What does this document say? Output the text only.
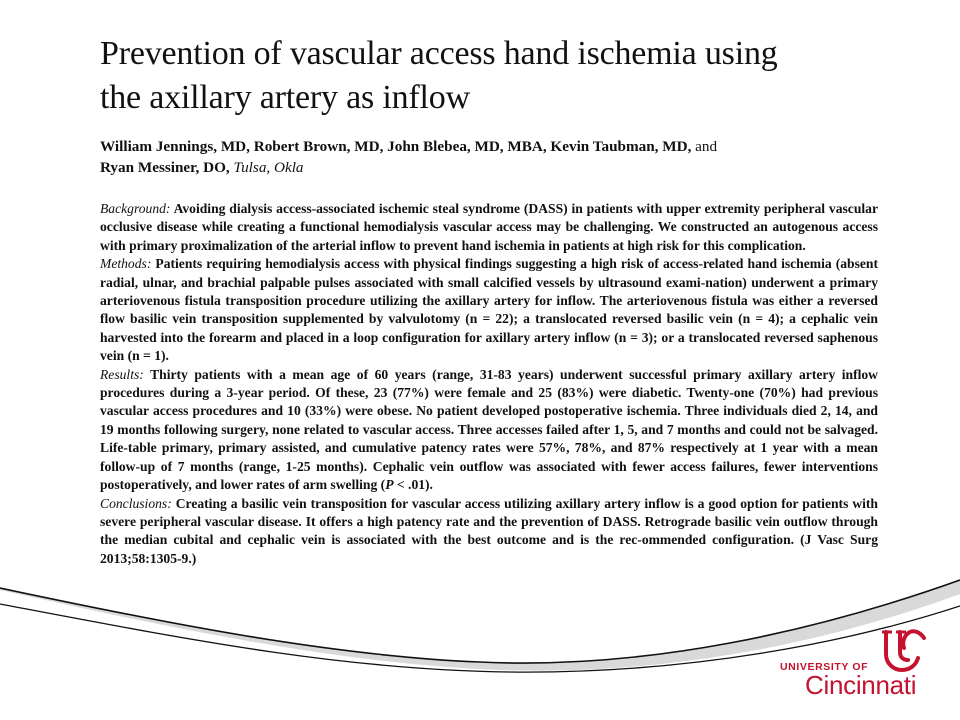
Prevention of vascular access hand ischemia using
the axillary artery as inflow
William Jennings, MD, Robert Brown, MD, John Blebea, MD, MBA, Kevin Taubman, MD, and
Ryan Messiner, DO, Tulsa, Okla

Background: Avoiding dialysis access-associated ischemic steal syndrome (DASS) in patients with upper extremity peripheral vascular occlusive disease while creating a functional hemodialysis vascular access may be challenging. We constructed an autogenous access with primary proximalization of the arterial inflow to prevent hand ischemia in patients at high risk for this complication.

Methods: Patients requiring hemodialysis access with physical findings suggesting a high risk of access-related hand ischemia (absent radial, ulnar, and brachial palpable pulses associated with small calcified vessels by ultrasound exami-nation) underwent a primary arteriovenous fistula transposition procedure utilizing the axillary artery for inflow. The arteriovenous fistula was either a reversed flow basilic vein transposition supplemented by valvulotomy (n = 22); a translocated reversed basilic vein (n = 4); a cephalic vein harvested into the forearm and placed in a loop configuration for axillary artery inflow (n = 3); or a translocated reversed saphenous vein (n = 1).

Results: Thirty patients with a mean age of 60 years (range, 31-83 years) underwent successful primary axillary artery inflow procedures during a 3-year period. Of these, 23 (77%) were female and 25 (83%) were diabetic. Twenty-one (70%) had previous vascular access procedures and 10 (33%) were obese. No patient developed postoperative ischemia. Three individuals died 2, 14, and 19 months following surgery, none related to vascular access. Three accesses failed after 1, 5, and 7 months and could not be salvaged. Life-table primary, primary assisted, and cumulative patency rates were 57%, 78%, and 87% respectively at 1 year with a mean follow-up of 7 months (range, 1-25 months). Cephalic vein outflow was associated with fewer access failures, fewer interventions postoperatively, and lower rates of arm swelling (P < .01).

Conclusions: Creating a basilic vein transposition for vascular access utilizing axillary artery inflow is a good option for patients with severe peripheral vascular disease. It offers a high patency rate and the prevention of DASS. Retrograde basilic vein outflow through the median cubital and cephalic vein is associated with the best outcome and is the rec-ommended configuration. (J Vasc Surg 2013;58:1305-9.)

UNIVERSITY OF
Cincinnati
